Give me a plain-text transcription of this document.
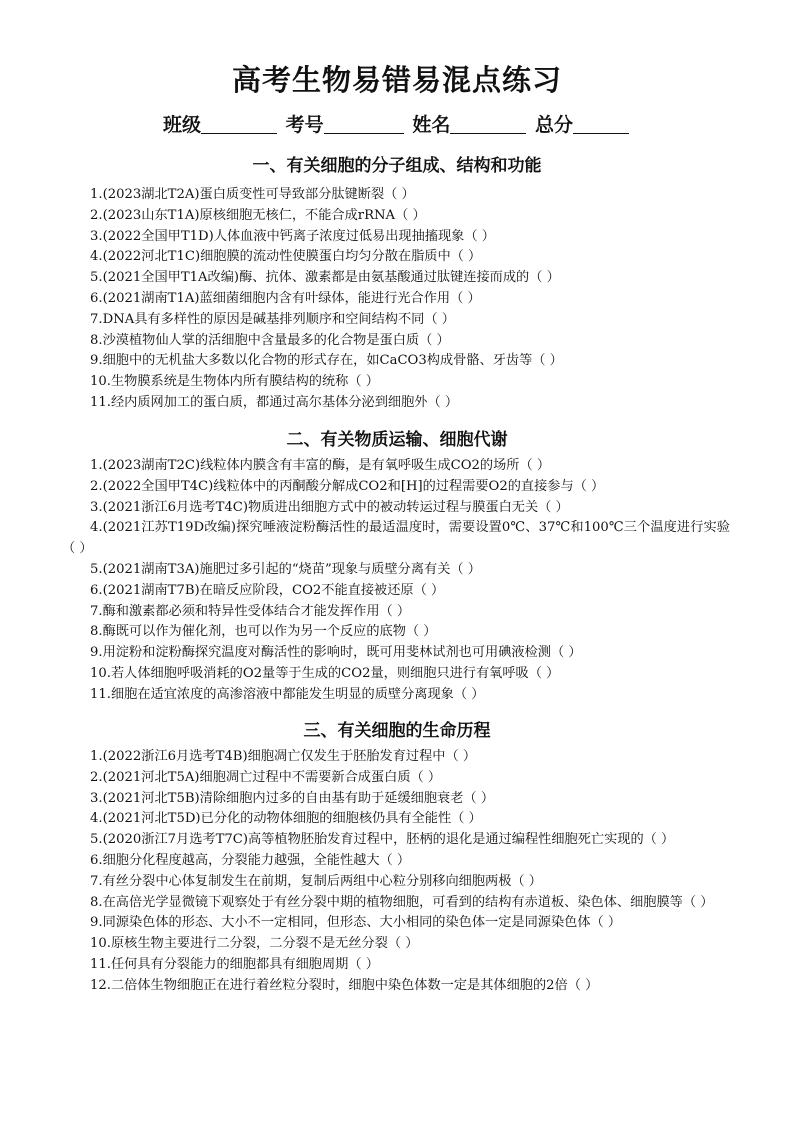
高考生物易错易混点练习
班级	考号	姓名	总分
一、有关细胞的分子组成、结构和功能
1.(2023湖北T2A)蛋白质变性可导致部分肽键断裂（ ）
2.(2023山东T1A)原核细胞无核仁，不能合成rRNA（ ）
3.(2022全国甲T1D)人体血液中钙离子浓度过低易出现抽搐现象（ ）
4.(2022河北T1C)细胞膜的流动性使膜蛋白均匀分散在脂质中（ ）
5.(2021全国甲T1A改编)酶、抗体、激素都是由氨基酸通过肽键连接而成的（ ）
6.(2021湖南T1A)蓝细菌细胞内含有叶绿体，能进行光合作用（ ）
7.DNA具有多样性的原因是碱基排列顺序和空间结构不同（ ）
8.沙漠植物仙人掌的活细胞中含量最多的化合物是蛋白质（ ）
9.细胞中的无机盐大多数以化合物的形式存在，如CaCO3构成骨骼、牙齿等（ ）
10.生物膜系统是生物体内所有膜结构的统称（ ）
11.经内质网加工的蛋白质，都通过高尔基体分泌到细胞外（ ）
二、有关物质运输、细胞代谢
1.(2023湖南T2C)线粒体内膜含有丰富的酶，是有氧呼吸生成CO2的场所（ ）
2.(2022全国甲T4C)线粒体中的丙酮酸分解成CO2和[H]的过程需要O2的直接参与（ ）
3.(2021浙江6月选考T4C)物质进出细胞方式中的被动转运过程与膜蛋白无关（ ）
4.(2021江苏T19D改编)探究唾液淀粉酶活性的最适温度时，需要设置0℃、37℃和100℃三个温度进行实验（ ）
5.(2021湖南T3A)施肥过多引起的“烧苗”现象与质壁分离有关（ ）
6.(2021湖南T7B)在暗反应阶段，CO2不能直接被还原（ ）
7.酶和激素都必须和特异性受体结合才能发挥作用（ ）
8.酶既可以作为催化剂，也可以作为另一个反应的底物（ ）
9.用淀粉和淀粉酶探究温度对酶活性的影响时，既可用斐林试剂也可用碘液检测（ ）
10.若人体细胞呼吸消耗的O2量等于生成的CO2量，则细胞只进行有氧呼吸（ ）
11.细胞在适宜浓度的高渗溶液中都能发生明显的质壁分离现象（ ）
三、有关细胞的生命历程
1.(2022浙江6月选考T4B)细胞凋亡仅发生于胚胎发育过程中（ ）
2.(2021河北T5A)细胞凋亡过程中不需要新合成蛋白质（ ）
3.(2021河北T5B)清除细胞内过多的自由基有助于延缓细胞衰老（ ）
4.(2021河北T5D)已分化的动物体细胞的细胞核仍具有全能性（ ）
5.(2020浙江7月选考T7C)高等植物胚胎发育过程中，胚柄的退化是通过编程性细胞死亡实现的（ ）
6.细胞分化程度越高，分裂能力越强，全能性越大（ ）
7.有丝分裂中心体复制发生在前期，复制后两组中心粒分别移向细胞两极（ ）
8.在高倍光学显微镜下观察处于有丝分裂中期的植物细胞，可看到的结构有赤道板、染色体、细胞膜等（ ）
9.同源染色体的形态、大小不一定相同，但形态、大小相同的染色体一定是同源染色体（ ）
10.原核生物主要进行二分裂，二分裂不是无丝分裂（ ）
11.任何具有分裂能力的细胞都具有细胞周期（ ）
12.二倍体生物细胞正在进行着丝粒分裂时，细胞中染色体数一定是其体细胞的2倍（ ）
